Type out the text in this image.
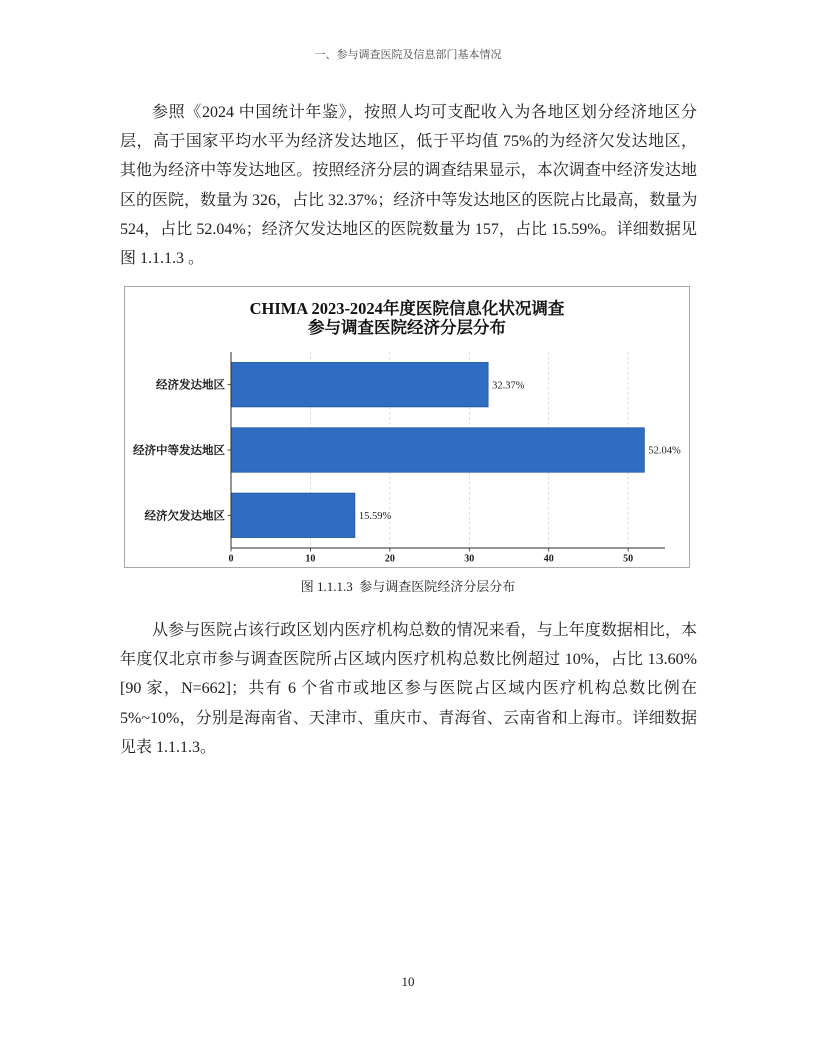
一、参与调查医院及信息部门基本情况
参照《2024 中国统计年鉴》，按照人均可支配收入为各地区划分经济地区分
层，高于国家平均水平为经济发达地区，低于平均值 75%的为经济欠发达地区，
其他为经济中等发达地区。按照经济分层的调查结果显示，本次调查中经济发达地
区的医院，数量为 326，占比 32.37%；经济中等发达地区的医院占比最高，数量为
524，占比 52.04%；经济欠发达地区的医院数量为 157，占比 15.59%。详细数据见
图 1.1.1.3 。
32.37%
经济发达地区
52.04%
经济中等发达地区
15.59%
经济欠发达地区
0	10	20	30	40	50
CHIMA 2023-2024年度医院信息化状况调查
参与调查医院经济分层分布
图 1.1.1.3  参与调查医院经济分层分布
从参与医院占该行政区划内医疗机构总数的情况来看，与上年度数据相比，本
年度仅北京市参与调查医院所占区域内医疗机构总数比例超过 10%，占比 13.60%
[90 家，N=662]；共有 6 个省市或地区参与医院占区域内医疗机构总数比例在
5%~10%，分别是海南省、天津市、重庆市、青海省、云南省和上海市。详细数据
见表 1.1.1.3。
10
